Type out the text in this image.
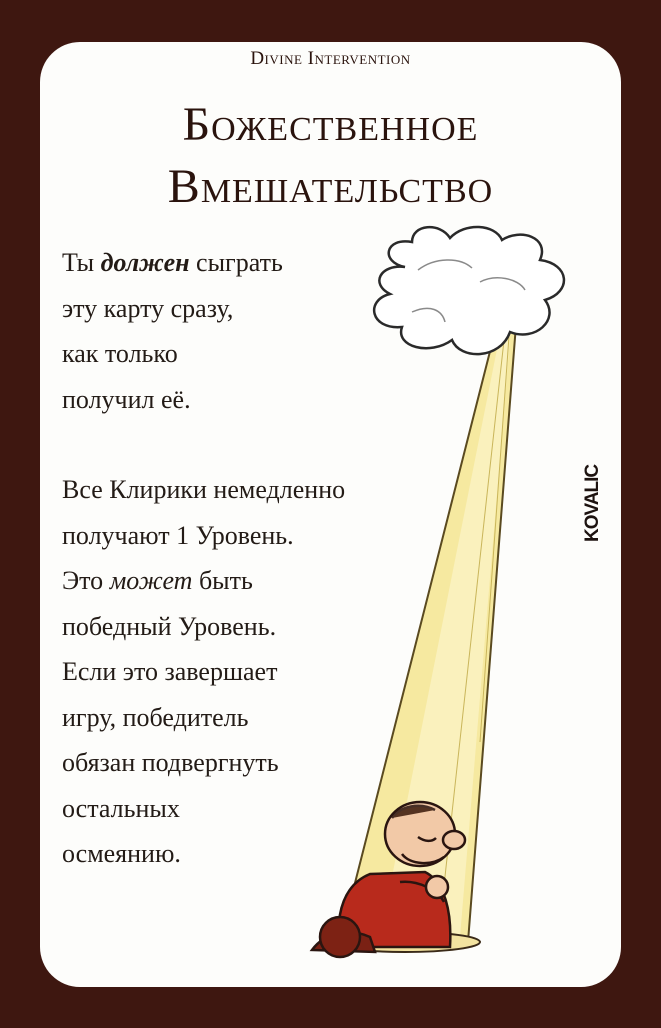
Divine Intervention
Божественное
Вмешательство
Ты должен сыграть
эту карту сразу,
как только
получил её.
Все Клирики немедленно
получают 1 Уровень.
Это может быть
победный Уровень.
Если это завершает
игру, победитель
обязан подвергнуть
остальных
осмеянию.
KOVALIC
